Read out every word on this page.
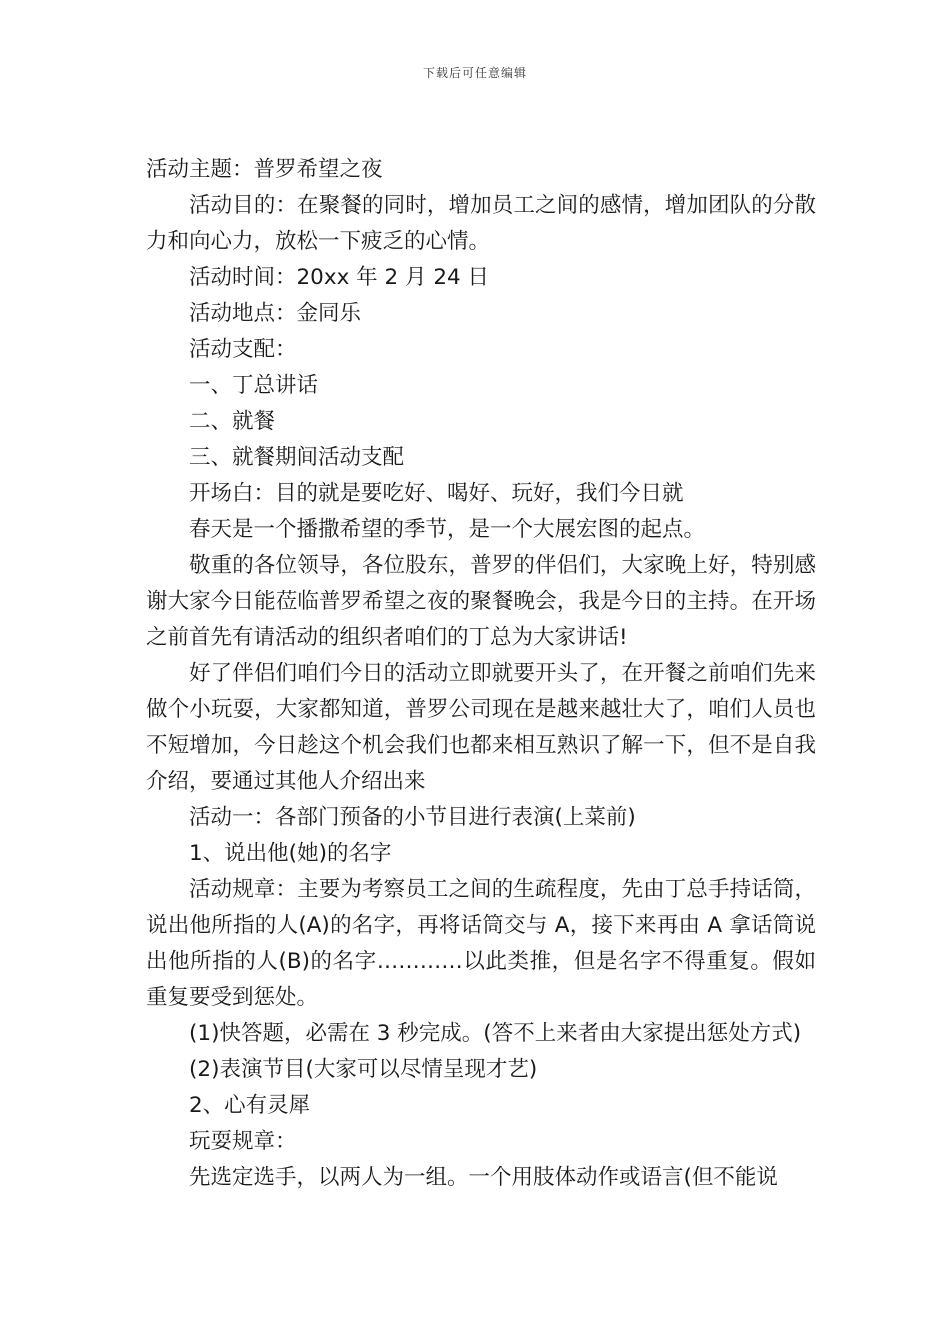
下载后可任意编辑

活动主题：普罗希望之夜

活动目的：在聚餐的同时，增加员工之间的感情，增加团队的分散力和向心力，放松一下疲乏的心情。

活动时间：20xx 年 2 月 24 日

活动地点：金同乐

活动支配：

一、丁总讲话

二、就餐

三、就餐期间活动支配

开场白：目的就是要吃好、喝好、玩好，我们今日就

春天是一个播撒希望的季节，是一个大展宏图的起点。

敬重的各位领导，各位股东，普罗的伴侣们，大家晚上好，特别感谢大家今日能莅临普罗希望之夜的聚餐晚会，我是今日的主持。在开场之前首先有请活动的组织者咱们的丁总为大家讲话!

好了伴侣们咱们今日的活动立即就要开头了，在开餐之前咱们先来做个小玩耍，大家都知道，普罗公司现在是越来越壮大了，咱们人员也不短增加，今日趁这个机会我们也都来相互熟识了解一下，但不是自我介绍，要通过其他人介绍出来

活动一：各部门预备的小节目进行表演(上菜前)

1、说出他(她)的名字

活动规章：主要为考察员工之间的生疏程度，先由丁总手持话筒，说出他所指的人(A)的名字，再将话筒交与 A，接下来再由 A 拿话筒说出他所指的人(B)的名字…………以此类推，但是名字不得重复。假如重复要受到惩处。

(1)快答题，必需在 3 秒完成。(答不上来者由大家提出惩处方式)

(2)表演节目(大家可以尽情呈现才艺)

2、心有灵犀

玩耍规章：

先选定选手，以两人为一组。一个用肢体动作或语言(但不能说
